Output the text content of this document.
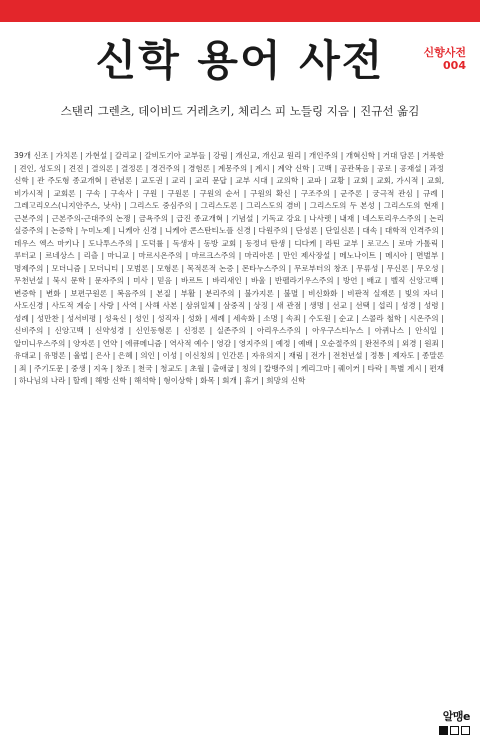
신향사전
004
신학 용어 사전
스탠리 그렌츠, 데이비드 거레츠키, 체리스 피 노들링 지음 | 진규선 옮김
39개 신조 | 가치론 | 가현설 | 갈리교 | 갈비도기아 교부들 | 강림 | 개신교, 개신교 원리 | 개인주의 | 개혁신학 | 거대 담론 | 거룩한 | 견인, 성도의 | 견진 | 결의론 | 결정론 | 경건주의 | 경험론 | 계몽주의 | 계시 | 계약 신학 | 고백 | 공관복음 | 공로 | 공재설 | 과정 신학 | 관 주도형 종교개혁 | 관념론 | 교도권 | 교리 | 교리 문답 | 교부 시대 | 교의학 | 교파 | 교황 | 교회 | 교회, 가시적 | 교회, 비가시적 | 교회론 | 구속 | 구속사 | 구원 | 구원론 | 구원의 순서 | 구원의 확신 | 구조주의 | 군주론 | 궁극적 관심 | 규례 | 그레고리오스(니지안주스, 낫사) | 그리스도 중심주의 | 그리스도론 | 그리스도의 겸비 | 그리스도의 두 본성 | 그리스도의 현재 | 근본주의 | 근본주의-근대주의 논쟁 | 금욕주의 | 급진 종교개혁 | 기념설 | 기독교 강요 | 나사렛 | 내재 | 네스토리우스주의 | 논리 실증주의 | 논증학 | 누미노제 | 니케아 신경 | 니케아 콘스탄티노플 신경 | 다원주의 | 단성론 | 단일신론 | 대속 | 대학적 인격주의 | 데우스 엑스 마키나 | 도나투스주의 | 도덕률 | 독생자 | 동방 교회 | 동정녀 탄생 | 디다케 | 라틴 교부 | 로고스 | 로마 가톨릭 | 루터교 | 르네상스 | 리츨 | 마니교 | 마르시온주의 | 마르크스주의 | 마리아론 | 만인 제사장설 | 메노나이트 | 메시아 | 면벌부 | 명제주의 | 모더니즘 | 모더니티 | 모범론 | 모형론 | 목적론적 논증 | 몬타누스주의 | 무로부터의 창조 | 무류성 | 무신론 | 무오성 | 무천년설 | 묵시 문학 | 문자주의 | 미사 | 믿음 | 바르트 | 바리새인 | 바울 | 반펠라기우스주의 | 방언 | 배교 | 벨직 신앙고백 | 변증학 | 변화 | 보편구원론 | 복음주의 | 본질 | 부활 | 분리주의 | 불가지론 | 불멸 | 비신화화 | 비판적 실재론 | 빛의 자녀 | 사도신경 | 사도적 계승 | 사랑 | 사역 | 사해 사본 | 삼위일체 | 삼중직 | 상징 | 새 관점 | 생명 | 선교 | 선택 | 섭리 | 성경 | 성령 | 성례 | 성만찬 | 성서비평 | 성육신 | 성인 | 성직자 | 성화 | 세례 | 세속화 | 소명 | 속죄 | 수도원 | 순교 | 스콜라 철학 | 시온주의 | 신비주의 | 신앙고백 | 신약성경 | 신인동형론 | 신정론 | 실존주의 | 아리우스주의 | 아우구스티누스 | 아퀴나스 | 안식일 | 알미니우스주의 | 양자론 | 언약 | 에큐메니즘 | 역사적 예수 | 영감 | 영지주의 | 예정 | 예배 | 오순절주의 | 완전주의 | 외경 | 원죄 | 유대교 | 유명론 | 율법 | 은사 | 은혜 | 의인 | 이성 | 이신칭의 | 인간론 | 자유의지 | 재림 | 전가 | 전천년설 | 정통 | 제자도 | 종말론 | 죄 | 주기도문 | 중생 | 지옥 | 창조 | 천국 | 청교도 | 초월 | 출애굽 | 칭의 | 칼뱅주의 | 케리그마 | 퀘이커 | 타락 | 특별 계시 | 편재 | 하나님의 나라 | 할례 | 해방 신학 | 해석학 | 형이상학 | 화목 | 회개 | 휴거 | 희망의 신학
알맹e
